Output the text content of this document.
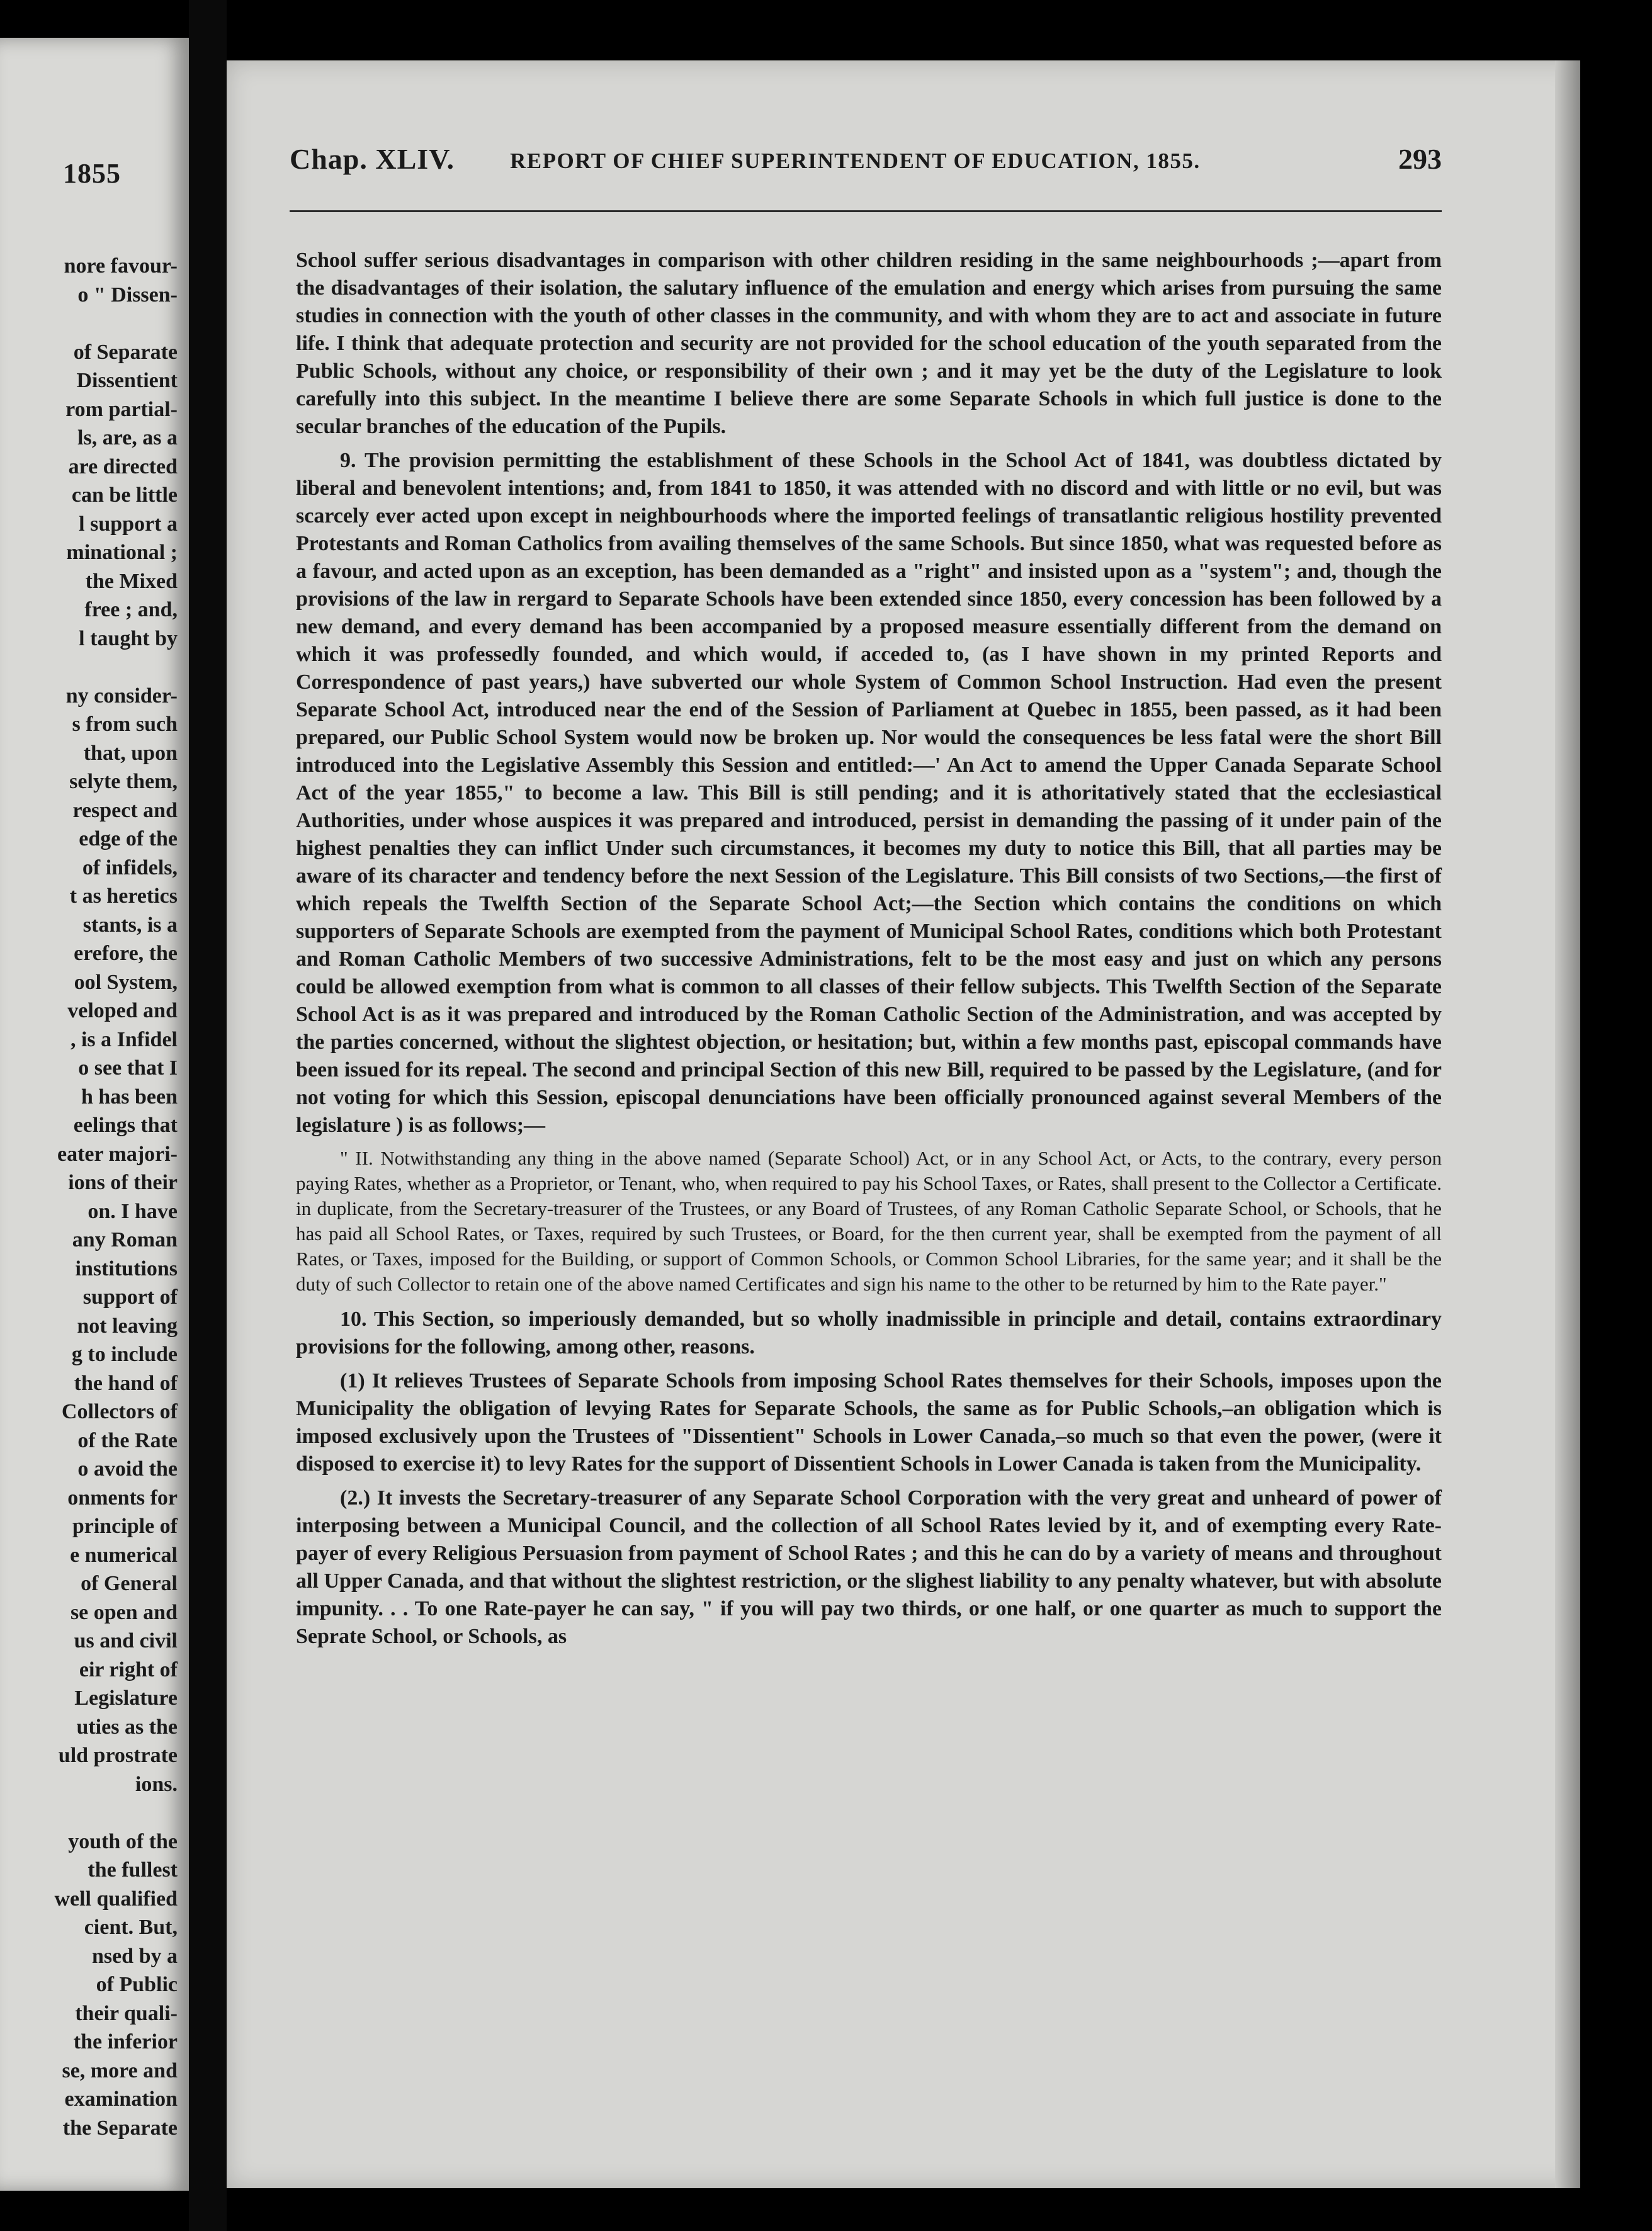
1855
nore favour-
o " Dissen-

of Separate
Dissentient
rom partial-
ls, are, as a
are directed
can be little
l support a
minational ;
the Mixed
free ; and,
l taught by

ny consider-
s from such
that, upon
selyte them,
respect and
edge of the
of infidels,
t as heretics
stants, is a
erefore, the
ool System,
veloped and
, is a Infidel
o see that I
h has been
eelings that
eater majori-
ions of their
on. I have
any Roman
institutions
support of
not leaving
g to include
the hand of
Collectors of
of the Rate
o avoid the
onments for
principle of
e numerical
of General
se open and
us and civil
eir right of
Legislature
uties as the
uld prostrate
ions.

youth of the
the fullest
well qualified
cient. But,
nsed by a
of Public
their quali-
the inferior
se, more and
examination
the Separate
Chap. XLIV.	REPORT OF CHIEF SUPERINTENDENT OF EDUCATION, 1855.	293

School suffer serious disadvantages in comparison with other children residing in the same neighbourhoods ;—apart from the disadvantages of their isolation, the salutary influence of the emulation and energy which arises from pursuing the same studies in connection with the youth of other classes in the community, and with whom they are to act and associate in future life. I think that adequate protection and security are not provided for the school education of the youth separated from the Public Schools, without any choice, or responsibility of their own ; and it may yet be the duty of the Legislature to look carefully into this subject. In the meantime I believe there are some Separate Schools in which full justice is done to the secular branches of the education of the Pupils.

9. The provision permitting the establishment of these Schools in the School Act of 1841, was doubtless dictated by liberal and benevolent intentions; and, from 1841 to 1850, it was attended with no discord and with little or no evil, but was scarcely ever acted upon except in neighbourhoods where the imported feelings of transatlantic religious hostility prevented Protestants and Roman Catholics from availing themselves of the same Schools. But since 1850, what was requested before as a favour, and acted upon as an exception, has been demanded as a "right" and insisted upon as a "system"; and, though the provisions of the law in rergard to Separate Schools have been extended since 1850, every concession has been followed by a new demand, and every demand has been accompanied by a proposed measure essentially different from the demand on which it was professedly founded, and which would, if acceded to, (as I have shown in my printed Reports and Correspondence of past years,) have subverted our whole System of Common School Instruction. Had even the present Separate School Act, introduced near the end of the Session of Parliament at Quebec in 1855, been passed, as it had been prepared, our Public School System would now be broken up. Nor would the consequences be less fatal were the short Bill introduced into the Legislative Assembly this Session and entitled:—' An Act to amend the Upper Canada Separate School Act of the year 1855," to become a law. This Bill is still pending; and it is athoritatively stated that the ecclesiastical Authorities, under whose auspices it was prepared and introduced, persist in demanding the passing of it under pain of the highest penalties they can inflict Under such circumstances, it becomes my duty to notice this Bill, that all parties may be aware of its character and tendency before the next Session of the Legislature. This Bill consists of two Sections,—the first of which repeals the Twelfth Section of the Separate School Act;—the Section which contains the conditions on which supporters of Separate Schools are exempted from the payment of Municipal School Rates, conditions which both Protestant and Roman Catholic Members of two successive Administrations, felt to be the most easy and just on which any persons could be allowed exemption from what is common to all classes of their fellow subjects. This Twelfth Section of the Separate School Act is as it was prepared and introduced by the Roman Catholic Section of the Administration, and was accepted by the parties concerned, without the slightest objection, or hesitation; but, within a few months past, episcopal commands have been issued for its repeal. The second and principal Section of this new Bill, required to be passed by the Legislature, (and for not voting for which this Session, episcopal denunciations have been officially pronounced against several Members of the legislature ) is as follows;—

" II. Notwithstanding any thing in the above named (Separate School) Act, or in any School Act, or Acts, to the contrary, every person paying Rates, whether as a Proprietor, or Tenant, who, when required to pay his School Taxes, or Rates, shall present to the Collector a Certificate. in duplicate, from the Secretary-treasurer of the Trustees, or any Board of Trustees, of any Roman Catholic Separate School, or Schools, that he has paid all School Rates, or Taxes, required by such Trustees, or Board, for the then current year, shall be exempted from the payment of all Rates, or Taxes, imposed for the Building, or support of Common Schools, or Common School Libraries, for the same year; and it shall be the duty of such Collector to retain one of the above named Certificates and sign his name to the other to be returned by him to the Rate payer."

10. This Section, so imperiously demanded, but so wholly inadmissible in principle and detail, contains extraordinary provisions for the following, among other, reasons.

(1) It relieves Trustees of Separate Schools from imposing School Rates themselves for their Schools, imposes upon the Municipality the obligation of levying Rates for Separate Schools, the same as for Public Schools,–an obligation which is imposed exclusively upon the Trustees of "Dissentient" Schools in Lower Canada,–so much so that even the power, (were it disposed to exercise it) to levy Rates for the support of Dissentient Schools in Lower Canada is taken from the Municipality.

(2.) It invests the Secretary-treasurer of any Separate School Corporation with the very great and unheard of power of interposing between a Municipal Council, and the collection of all School Rates levied by it, and of exempting every Rate-payer of every Religious Persuasion from payment of School Rates ; and this he can do by a variety of means and throughout all Upper Canada, and that without the slightest restriction, or the slighest liability to any penalty whatever, but with absolute impunity. . . To one Rate-payer he can say, " if you will pay two thirds, or one half, or one quarter as much to support the Seprate School, or Schools, as
